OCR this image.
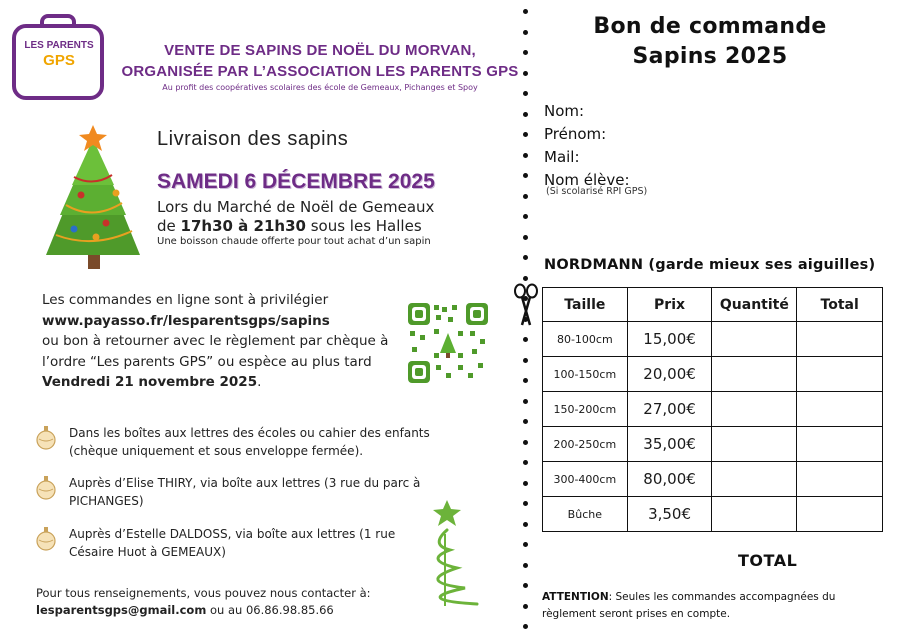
LES PARENTS
GPS
VENTE DE SAPINS DE NOËL DU MORVAN,
ORGANISÉE PAR L’ASSOCIATION LES PARENTS GPS
Au profit des coopératives scolaires des école de Gemeaux, Pichanges et Spoy
Livraison des sapins
SAMEDI 6 DÉCEMBRE 2025
Lors du Marché de Noël de Gemeaux
de 17h30 à 21h30 sous les Halles
Une boisson chaude offerte pour tout achat d’un sapin
Les commandes en ligne sont à privilégier
www.payasso.fr/lesparentsgps/sapins
ou bon à retourner avec le règlement par chèque à
l’ordre “Les parents GPS” ou espèce au plus tard
Vendredi 21 novembre 2025.
Dans les boîtes aux lettres des écoles ou cahier des enfants (chèque uniquement et sous enveloppe fermée).
Auprès d’Elise THIRY, via boîte aux lettres (3 rue du parc à PICHANGES)
Auprès d’Estelle DALDOSS, via boîte aux lettres (1 rue Césaire Huot à GEMEAUX)
Pour tous renseignements, vous pouvez nous contacter à:
lesparentsgps@gmail.com ou au 06.86.98.85.66
Bon de commande
Sapins 2025
Nom:
Prénom:
Mail:
Nom élève:
(Si scolarisé RPI GPS)
NORDMANN (garde mieux ses aiguilles)
Taille	Prix	Quantité	Total
80-100cm	15,00€		
100-150cm	20,00€		
150-200cm	27,00€		
200-250cm	35,00€		
300-400cm	80,00€		
Bûche	3,50€		
TOTAL
ATTENTION: Seules les commandes accompagnées du règlement seront prises en compte.
